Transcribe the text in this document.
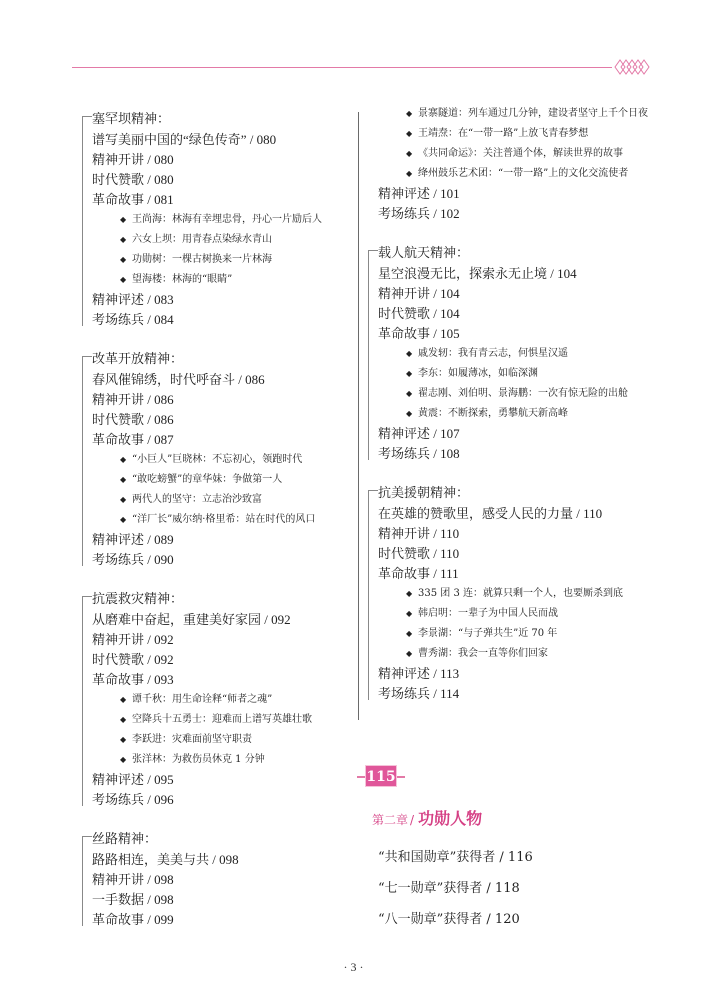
塞罕坝精神：
谱写美丽中国的“绿色传奇” / 080
精神开讲 / 080
时代赞歌 / 080
革命故事 / 081
◆ 王尚海：林海有幸埋忠骨，丹心一片励后人
◆ 六女上坝：用青春点染绿水青山
◆ 功勋树：一棵古树换来一片林海
◆ 望海楼：林海的“眼睛”
精神评述 / 083
考场练兵 / 084
改革开放精神：
春风催锦绣，时代呼奋斗 / 086
精神开讲 / 086
时代赞歌 / 086
革命故事 / 087
◆ “小巨人”巨晓林：不忘初心，领跑时代
◆ “敢吃螃蟹”的章华妹：争做第一人
◆ 两代人的坚守：立志治沙致富
◆ “洋厂长”威尔纳·格里希：站在时代的风口
精神评述 / 089
考场练兵 / 090
抗震救灾精神：
从磨难中奋起，重建美好家园 / 092
精神开讲 / 092
时代赞歌 / 092
革命故事 / 093
◆ 谭千秋：用生命诠释“师者之魂”
◆ 空降兵十五勇士：迎难而上谱写英雄壮歌
◆ 李跃进：灾难面前坚守职责
◆ 张洋林：为救伤员休克 1 分钟
精神评述 / 095
考场练兵 / 096
丝路精神：
路路相连，美美与共 / 098
精神开讲 / 098
一手数据 / 098
革命故事 / 099
◆ 景寨隧道：列车通过几分钟，建设者坚守上千个日夜
◆ 王靖焘：在“一带一路”上放飞青春梦想
◆ 《共同命运》：关注普通个体，解读世界的故事
◆ 绛州鼓乐艺术团：“一带一路”上的文化交流使者
精神评述 / 101
考场练兵 / 102
载人航天精神：
星空浪漫无比，探索永无止境 / 104
精神开讲 / 104
时代赞歌 / 104
革命故事 / 105
◆ 戚发轫：我有青云志，何惧星汉遥
◆ 李东：如履薄冰，如临深渊
◆ 翟志刚、刘伯明、景海鹏：一次有惊无险的出舱
◆ 黄震：不断探索，勇攀航天新高峰
精神评述 / 107
考场练兵 / 108
抗美援朝精神：
在英雄的赞歌里，感受人民的力量 / 110
精神开讲 / 110
时代赞歌 / 110
革命故事 / 111
◆ 335 团 3 连：就算只剩一个人，也要厮杀到底
◆ 韩启明：一辈子为中国人民而战
◆ 李景湖：“与子弹共生”近 70 年
◆ 曹秀湖：我会一直等你们回家
精神评述 / 113
考场练兵 / 114
115
第二章 / 功勋人物
“共和国勋章”获得者 / 116
“七一勋章”获得者 / 118
“八一勋章”获得者 / 120
· 3 ·
